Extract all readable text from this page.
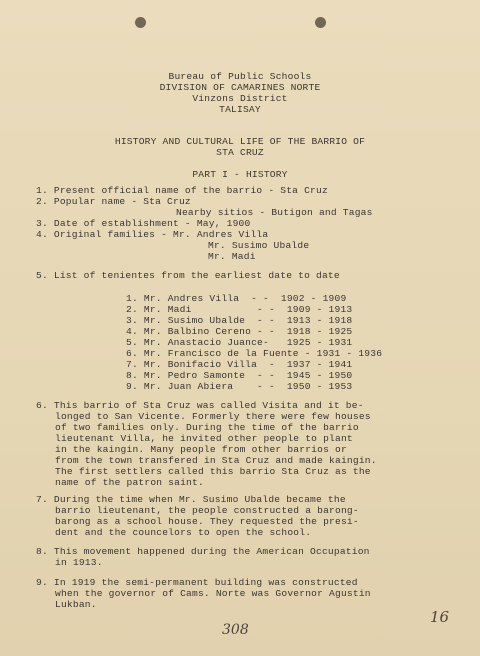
Bureau of Public Schools
DIVISION OF CAMARINES NORTE
Vinzons District
TALISAY
HISTORY AND CULTURAL LIFE OF THE BARRIO OF
STA CRUZ
PART I - HISTORY
1. Present official name of the barrio - Sta Cruz
2. Popular name - Sta Cruz
Nearby sitios - Butigon and Tagas
3. Date of establishment - May, 1900
4. Original families - Mr. Andres Villa
Mr. Susimo Ubalde
Mr. Madi
5. List of tenientes from the earliest date to date
1. Mr. Andres Villa  - -  1902 - 1909
2. Mr. Madi           - -  1909 - 1913
3. Mr. Susimo Ubalde  - -  1913 - 1918
4. Mr. Balbino Cereno - -  1918 - 1925
5. Mr. Anastacio Juance-   1925 - 1931
6. Mr. Francisco de la Fuente - 1931 - 1936
7. Mr. Bonifacio Villa  -  1937 - 1941
8. Mr. Pedro Samonte  - -  1945 - 1950
9. Mr. Juan Abiera    - -  1950 - 1953
6. This barrio of Sta Cruz was called Visita and it be-
longed to San Vicente. Formerly there were few houses
of two families only. During the time of the barrio
lieutenant Villa, he invited other people to plant
in the kaingin. Many people from other barrios or
from the town transfered in Sta Cruz and made kaingin.
The first settlers called this barrio Sta Cruz as the
name of the patron saint.
7. During the time when Mr. Susimo Ubalde became the
barrio lieutenant, the people constructed a barong-
barong as a school house. They requested the presi-
dent and the councelors to open the school.
8. This movement happened during the American Occupation
in 1913.
9. In 1919 the semi-permanent building was constructed
when the governor of Cams. Norte was Governor Agustin
Lukban.
16
308
